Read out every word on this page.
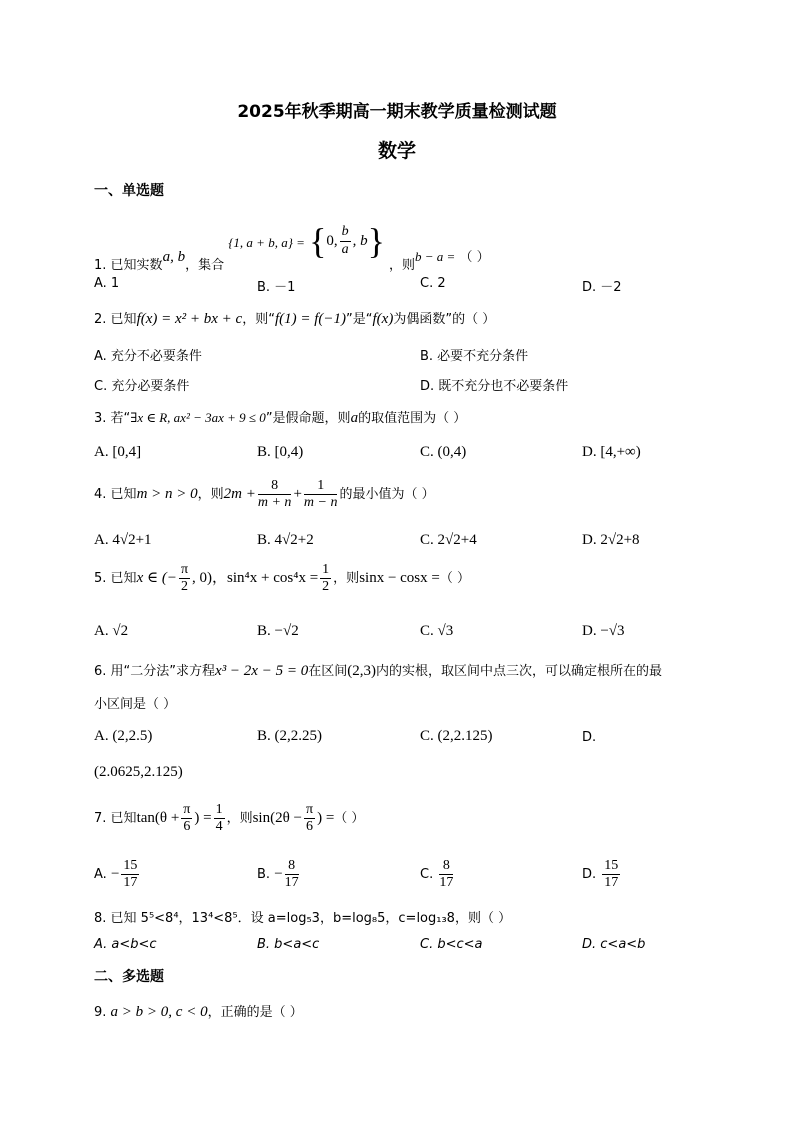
2025年秋季期高一期末教学质量检测试题
数学
一、单选题
1. 已知实数a, b，集合 {1, a + b, a} = {0, $\frac{b}{a}$ , b} ，则b − a = （ ）
A. 1	B. －1	C. 2	D. －2
2. 已知f(x) = x² + bx + c，则“f(1) = f(−1)”是“f(x)为偶函数”的（ ）
A. 充分不必要条件	B. 必要不充分条件
C. 充分必要条件	D. 既不充分也不必要条件
3. 若“∃x ∈ R, ax² − 3ax + 9 ≤ 0”是假命题，则a的取值范围为（ ）
A. [0,4]	B. [0,4)	C. (0,4)	D. [4,+∞)
4. 已知m > n > 0，则$2m + \frac{8}{m + n} + \frac{1}{m - n}$ 的最小值为（ ）
A. 4√2+1	B. 4√2+2	C. 2√2+4	D. 2√2+8
5. 已知x ∈ (− $\frac{\pi}{2}$ , 0)，$\sin^4x + \cos^4x = \frac{1}{2}$ ，则sinx − cosx =（ ）
A. √2	B. −√2	C. √3	D. −√3
6. 用“二分法”求方程x³ − 2x − 5 = 0在区间(2,3)内的实根，取区间中点三次，可以确定根所在的最
小区间是（ ）
A. (2,2.5)	B. (2,2.25)	C. (2,2.125)	D.
(2.0625,2.125)
7. 已知$\tan(\theta + \frac{\pi}{6}$ ) = $\frac{1}{4}$ ，则$\sin(2\theta - \frac{\pi}{6}$ ) =（ ）
A. − $\frac{15}{17}$	B. − $\frac{8}{17}$	C. $\frac{8}{17}$	D. $\frac{15}{17}$
8. 已知 5⁵<8⁴，13⁴<8⁵．设 a=log₅3，b=log₈5，c=log₁₃8，则（ ）
A. a<b<c	B. b<a<c	C. b<c<a	D. c<a<b
二、多选题
9. a > b > 0, c < 0，正确的是（ ）
